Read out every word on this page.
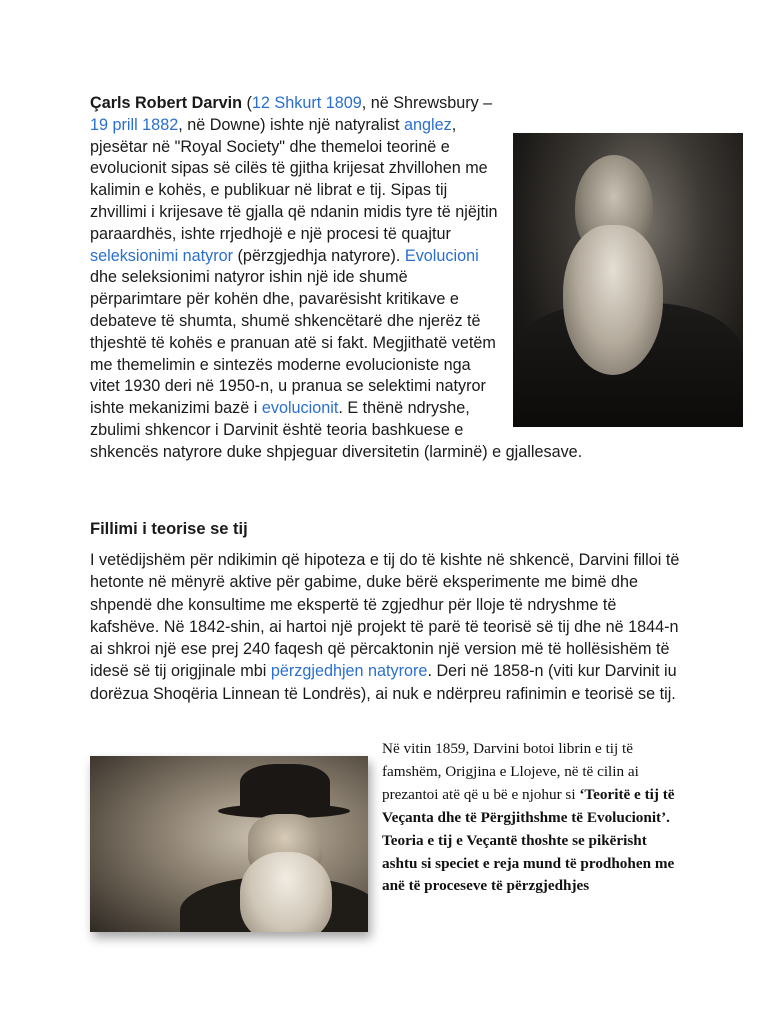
Çarls Robert Darvin (12 Shkurt 1809, në Shrewsbury – 19 prill 1882, në Downe) ishte një natyralist anglez, pjesëtar në "Royal Society" dhe themeloi teorinë e evolucionit sipas së cilës të gjitha krijesat zhvillohen me kalimin e kohës, e publikuar në librat e tij. Sipas tij zhvillimi i krijesave të gjalla që ndanin midis tyre të njëjtin paraardhës, ishte rrjedhojë e një procesi të quajtur seleksionimi natyror (përzgjedhja natyrore). Evolucioni dhe seleksionimi natyror ishin një ide shumë përparimtare për kohën dhe, pavarësisht kritikave e debateve të shumta, shumë shkencëtarë dhe njerëz të thjeshtë të kohës e pranuan atë si fakt. Megjithatë vetëm me themelimin e sintezës moderne evolucioniste nga vitet 1930 deri në 1950-n, u pranua se selektimi natyror ishte mekanizimi bazë i evolucionit. E thënë ndryshe, zbulimi shkencor i Darvinit është teoria bashkuese e shkencës natyrore duke shpjeguar diversitetin (larminë) e gjallesave.
Fillimi i teorise se tij
I vetëdijshëm për ndikimin që hipoteza e tij do të kishte në shkencë, Darvini filloi të hetonte në mënyrë aktive për gabime, duke bërë eksperimente me bimë dhe shpendë dhe konsultime me ekspertë të zgjedhur për lloje të ndryshme të kafshëve. Në 1842-shin, ai hartoi një projekt të parë të teorisë së tij dhe në 1844-n ai shkroi një ese prej 240 faqesh që përcaktonin një version më të hollësishëm të idesë së tij origjinale mbi përzgjedhjen natyrore. Deri në 1858-n (viti kur Darvinit iu dorëzua Shoqëria Linnean të Londrës), ai nuk e ndërpreu rafinimin e teorisë se tij.
Në vitin 1859, Darvini botoi librin e tij të famshëm, Origjina e Llojeve, në të cilin ai prezantoi atë që u bë e njohur si ‘Teoritë e tij të Veçanta dhe të Përgjithshme të Evolucionit’. Teoria e tij e Veçantë thoshte se pikërisht ashtu si speciet e reja mund të prodhohen me anë të proceseve të përzgjedhjes
